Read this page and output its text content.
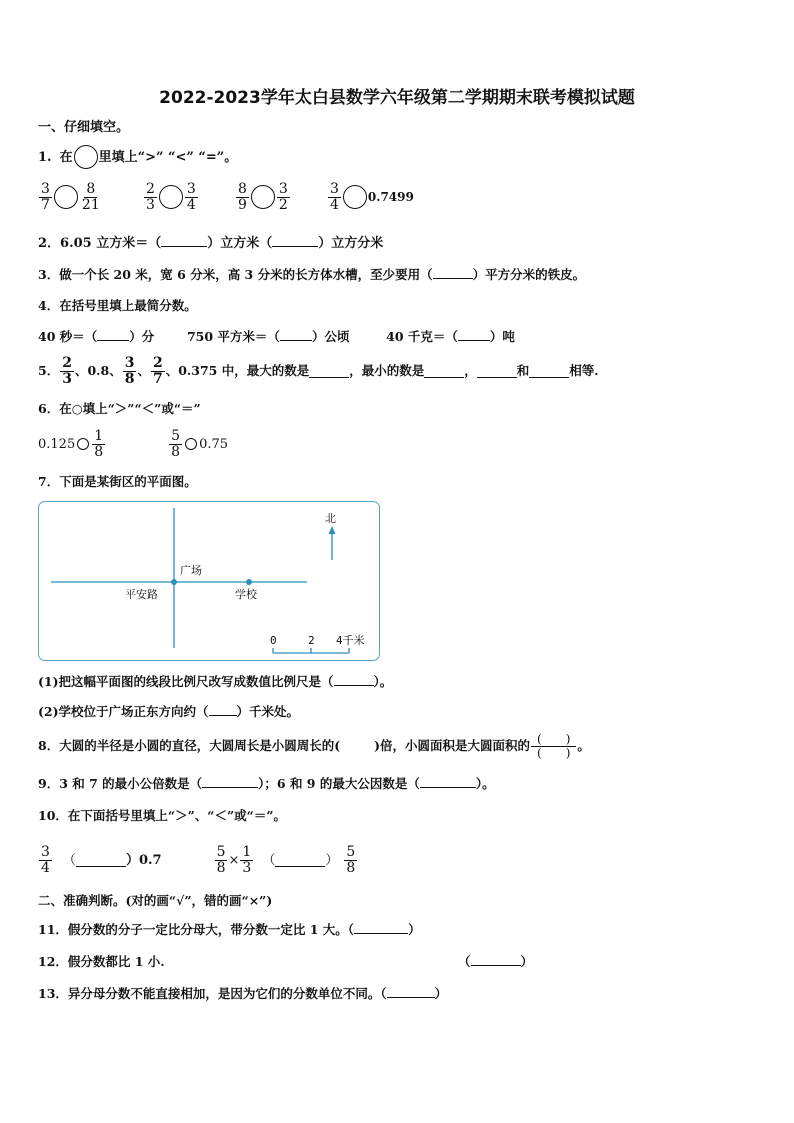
2022-2023学年太白县数学六年级第二学期期末联考模拟试题
一、仔细填空。
1. 在 里填上“>” “<” “=”。
$\frac{3}{7} \frac{8}{21}$	$\frac{2}{3} \frac{3}{4}$	$\frac{8}{9} \frac{3}{2}$	$\frac{3}{4} 0.7499$
2．6.05 立方米＝（	）立方米（	）立方分米
3．做一个长 20 米，宽 6 分米，高 3 分米的长方体水槽，至少要用（	）平方分米的铁皮。
4．在括号里填上最简分数。
40 秒＝（	）分	750 平方米＝（	）公顷	40 千克＝（	）吨
5． $\frac{2}{3}$ 、0.8、 $\frac{3}{8}$ 、 $\frac{2}{7}$ 、0.375 中，最大的数是	，最小的数是	，	和	相等.
6．在○填上“＞”“＜”或“＝”
$0.125 \frac{1}{8}$	$\frac{5}{8} 0.75$
7．下面是某街区的平面图。
北
广场
平安路	学校
0	2 4千米
(1)把这幅平面图的线段比例尺改写成数值比例尺是（	）。
(2)学校位于广场正东方向约（ ）千米处。
8．大圆的半径是小圆的直径，大圆周长是小圆周长的(	)倍，小圆面积是大圆面积的 $\frac{( )}{( )}$ 。
9．3 和 7 的最小公倍数是（	）；6 和 9 的最大公因数是（	）。
10．在下面括号里填上“＞”、“＜”或“＝”。
$\frac{3}{4}$ （	）0.7	$\frac{5}{8} \times \frac{1}{3}$ （	） $\frac{5}{8}$
二、准确判断。(对的画“√”，错的画“×”)
11．假分数的分子一定比分母大，带分数一定比 1 大。（	）
12．假分数都比 1 小.	（	）
13．异分母分数不能直接相加，是因为它们的分数单位不同。（	）
